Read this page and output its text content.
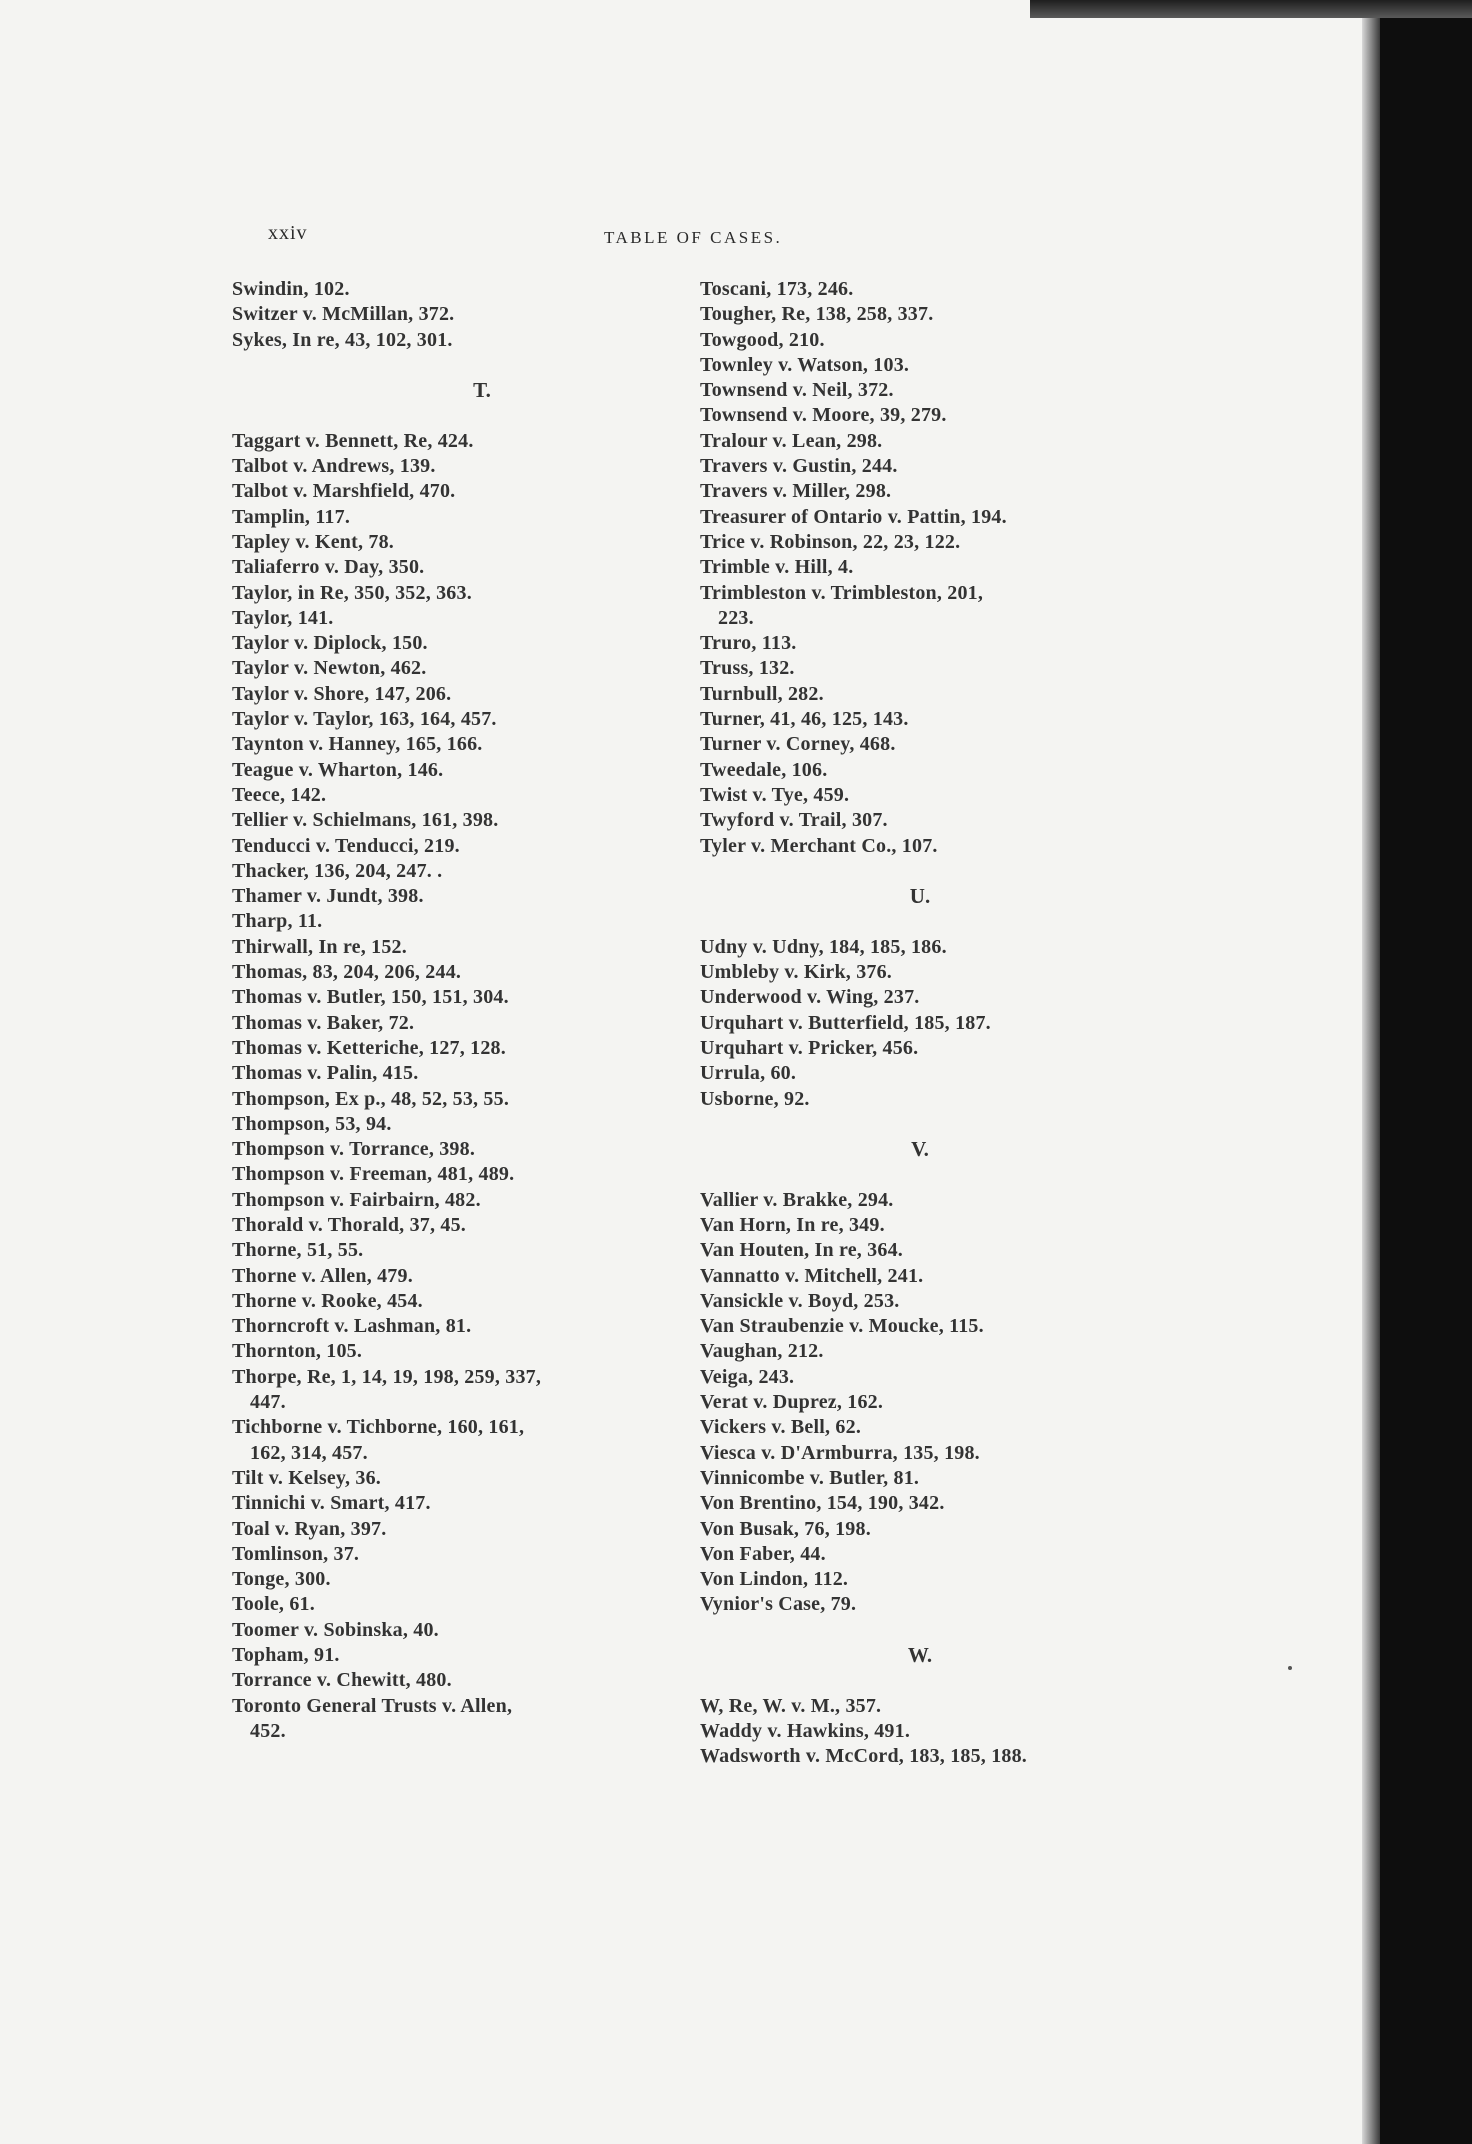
xxiv	TABLE OF CASES.
Swindin, 102.
Switzer v. McMillan, 372.
Sykes, In re, 43, 102, 301.
T.
Taggart v. Bennett, Re, 424.
Talbot v. Andrews, 139.
Talbot v. Marshfield, 470.
Tamplin, 117.
Tapley v. Kent, 78.
Taliaferro v. Day, 350.
Taylor, in Re, 350, 352, 363.
Taylor, 141.
Taylor v. Diplock, 150.
Taylor v. Newton, 462.
Taylor v. Shore, 147, 206.
Taylor v. Taylor, 163, 164, 457.
Taynton v. Hanney, 165, 166.
Teague v. Wharton, 146.
Teece, 142.
Tellier v. Schielmans, 161, 398.
Tenducci v. Tenducci, 219.
Thacker, 136, 204, 247. .
Thamer v. Jundt, 398.
Tharp, 11.
Thirwall, In re, 152.
Thomas, 83, 204, 206, 244.
Thomas v. Butler, 150, 151, 304.
Thomas v. Baker, 72.
Thomas v. Ketteriche, 127, 128.
Thomas v. Palin, 415.
Thompson, Ex p., 48, 52, 53, 55.
Thompson, 53, 94.
Thompson v. Torrance, 398.
Thompson v. Freeman, 481, 489.
Thompson v. Fairbairn, 482.
Thorald v. Thorald, 37, 45.
Thorne, 51, 55.
Thorne v. Allen, 479.
Thorne v. Rooke, 454.
Thorncroft v. Lashman, 81.
Thornton, 105.
Thorpe, Re, 1, 14, 19, 198, 259, 337,
447.
Tichborne v. Tichborne, 160, 161,
162, 314, 457.
Tilt v. Kelsey, 36.
Tinnichi v. Smart, 417.
Toal v. Ryan, 397.
Tomlinson, 37.
Tonge, 300.
Toole, 61.
Toomer v. Sobinska, 40.
Topham, 91.
Torrance v. Chewitt, 480.
Toronto General Trusts v. Allen,
452.
Toscani, 173, 246.
Tougher, Re, 138, 258, 337.
Towgood, 210.
Townley v. Watson, 103.
Townsend v. Neil, 372.
Townsend v. Moore, 39, 279.
Tralour v. Lean, 298.
Travers v. Gustin, 244.
Travers v. Miller, 298.
Treasurer of Ontario v. Pattin, 194.
Trice v. Robinson, 22, 23, 122.
Trimble v. Hill, 4.
Trimbleston v. Trimbleston, 201,
223.
Truro, 113.
Truss, 132.
Turnbull, 282.
Turner, 41, 46, 125, 143.
Turner v. Corney, 468.
Tweedale, 106.
Twist v. Tye, 459.
Twyford v. Trail, 307.
Tyler v. Merchant Co., 107.
U.
Udny v. Udny, 184, 185, 186.
Umbleby v. Kirk, 376.
Underwood v. Wing, 237.
Urquhart v. Butterfield, 185, 187.
Urquhart v. Pricker, 456.
Urrula, 60.
Usborne, 92.
V.
Vallier v. Brakke, 294.
Van Horn, In re, 349.
Van Houten, In re, 364.
Vannatto v. Mitchell, 241.
Vansickle v. Boyd, 253.
Van Straubenzie v. Moucke, 115.
Vaughan, 212.
Veiga, 243.
Verat v. Duprez, 162.
Vickers v. Bell, 62.
Viesca v. D'Armburra, 135, 198.
Vinnicombe v. Butler, 81.
Von Brentino, 154, 190, 342.
Von Busak, 76, 198.
Von Faber, 44.
Von Lindon, 112.
Vynior's Case, 79.
W.
W, Re, W. v. M., 357.
Waddy v. Hawkins, 491.
Wadsworth v. McCord, 183, 185, 188.
